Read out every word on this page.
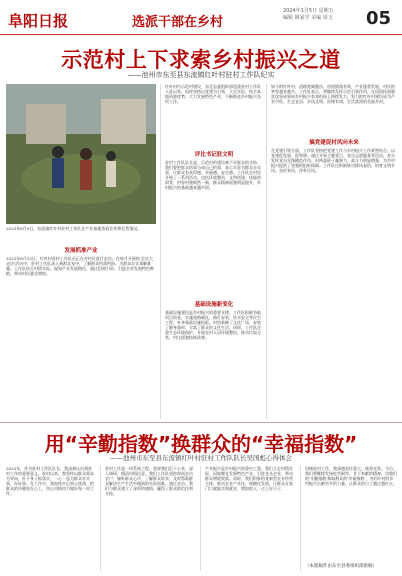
阜阳日报	选派干部在乡村
2024年1月5日 星期五
编辑 姚家学 美编 周玉	05
示范村上下求索乡村振兴之道
——池州市东至县东流镇红叶村驻村工作队纪实
2023年8月9日，东流镇红叶村驻村工作队在产业基地查看农作物长势情况。
红叶村内示范村建设，东至县委组织部选派驻村工作队入驻以来，始终坚持以党建为引领，立足实际，结合本地资源优势，大力发展特色产业，不断推进乡村振兴各项工作。
评比书记驻文明
驻村工作队队长说，示范村的建设离不开群众的支持，我们要把群众的事当成自己的事，真心实意为群众办实事，让群众有获得感、幸福感、安全感。工作队在村里开展了一系列活动，包括环境整治、文明创建、技能培训等，村容村貌焕然一新，群众精神面貌明显提升，乡村振兴的基础越来越牢固。
基础设施新变化
基础设施建设是乡村振兴的重要支撑。工作队积极争取项目资金，实施道路硬化、路灯安装、饮水安全等民生工程，补齐基础设施短板。村里新修了文化广场，安装了健身器材，丰富了群众的文化生活。同时，工作队注重生态环境保护，开展农村人居环境整治，推动垃圾分类，村庄面貌持续改善。
如今的红叶村，道路宽阔整洁，房屋错落有致，产业蓬勃发展，村民的笑容越来越多。工作队表示，将继续发挥示范引领作用，在巩固拓展脱贫攻坚成果同乡村振兴有效衔接上持续发力，努力把红叶村建设成为产业兴旺、生态宜居、乡风文明、治理有效、生活富裕的美丽乡村。
搞党建促村风向未来
在党建引领方面，工作队坚持把党建工作与乡村振兴工作紧密结合，以党建促发展、促和谐。通过开展主题党日、党员志愿服务等活动，充分发挥党员先锋模范作用。村两委班子凝聚力、战斗力明显增强，为乡村振兴提供了坚强的组织保障。工作队还积极推动移风易俗，培育文明乡风、良好家风、淳朴民风。
发展抓准产业
2023年8月13日，红叶村驻村工作队员正在对村民进行走访。在每月开展的'全员大走访'活动中，驻村工作队深入到群众家中，了解群众所需所盼，为群众办实事解难题。工作队结合村情实际，谋划产业发展路径，通过招商引资，引进企业发展特色种植，带动村民就业增收。
用“辛勤指数”换群众的“幸福指数”
——池州市东至县东流镇红叶村驻村工作队队长吴国彪心得体会
2023年，作为驻村工作队队长，我深刻认识到驻村工作的重要意义。驻村以来，我坚持以群众需求为导向，扑下身子抓落实，一心一意为群众办实事、办好事。在工作中，我始终牢记初心使命，把群众的冷暖放在心上，用心用情用力做好每一项工作。
驻村工作是一项系统工程，需要我们沉下心来，深入调研，摸清村情民意。我们工作队坚持每周走访农户，倾听群众心声，了解群众诉求，及时帮助群众解决生产生活中遇到的实际困难。通过走访，我们与群众建立了深厚的感情，赢得了群众的信任和支持。
产业振兴是乡村振兴的重中之重。我们立足村情实际，因地制宜发展特色产业，引进龙头企业，带动群众增收致富。同时，我们积极培育新型农业经营主体，推动农业产业化、规模化发展，让群众在家门口就能实现就业，增加收入，过上好日子。
回顾驻村工作，我深感责任重大，使命光荣。今后，我们将继续发扬吃苦耐劳、甘于奉献的精神，用我们的'辛勤指数'换取群众的'幸福指数'，为红叶村的乡村振兴贡献更多的力量，让群众的日子越过越红火。
（本版稿件由东至县委组织部供稿）
